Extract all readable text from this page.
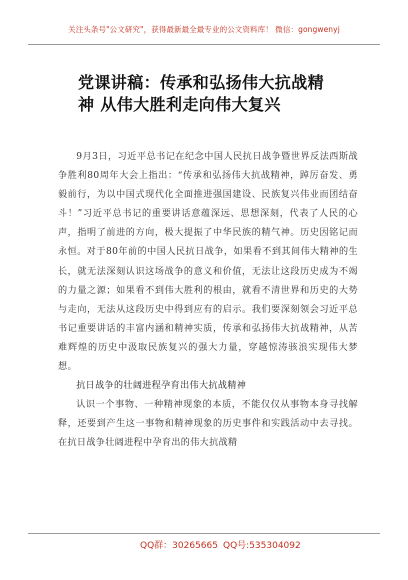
关注头条号"公文研究"，获得最新最全最专业的公文资料库！ 微信：gongwenyj
党课讲稿：传承和弘扬伟大抗战精
神 从伟大胜利走向伟大复兴

9月3日，习近平总书记在纪念中国人民抗日战争暨世界反法西斯战争胜利80周年大会上指出：“传承和弘扬伟大抗战精神，踔厉奋发、勇毅前行，为以中国式现代化全面推进强国建设、民族复兴伟业而团结奋斗！”习近平总书记的重要讲话意蕴深远、思想深刻，代表了人民的心声，指明了前进的方向，极大提振了中华民族的精气神。历史因铭记而永恒。对于80年前的中国人民抗日战争，如果看不到其间伟大精神的生长，就无法深刻认识这场战争的意义和价值，无法让这段历史成为不竭的力量之源；如果看不到伟大胜利的根由，就看不清世界和历史的大势与走向，无法从这段历史中得到应有的启示。我们要深刻领会习近平总书记重要讲话的丰富内涵和精神实质，传承和弘扬伟大抗战精神，从苦难辉煌的历史中汲取民族复兴的强大力量，穿越惊涛骇浪实现伟大梦想。

抗日战争的壮阔进程孕育出伟大抗战精神

认识一个事物、一种精神现象的本质，不能仅仅从事物本身寻找解释，还要到产生这一事物和精神现象的历史事件和实践活动中去寻找。在抗日战争壮阔进程中孕育出的伟大抗战精

QQ群：30265665 QQ号:535304092
